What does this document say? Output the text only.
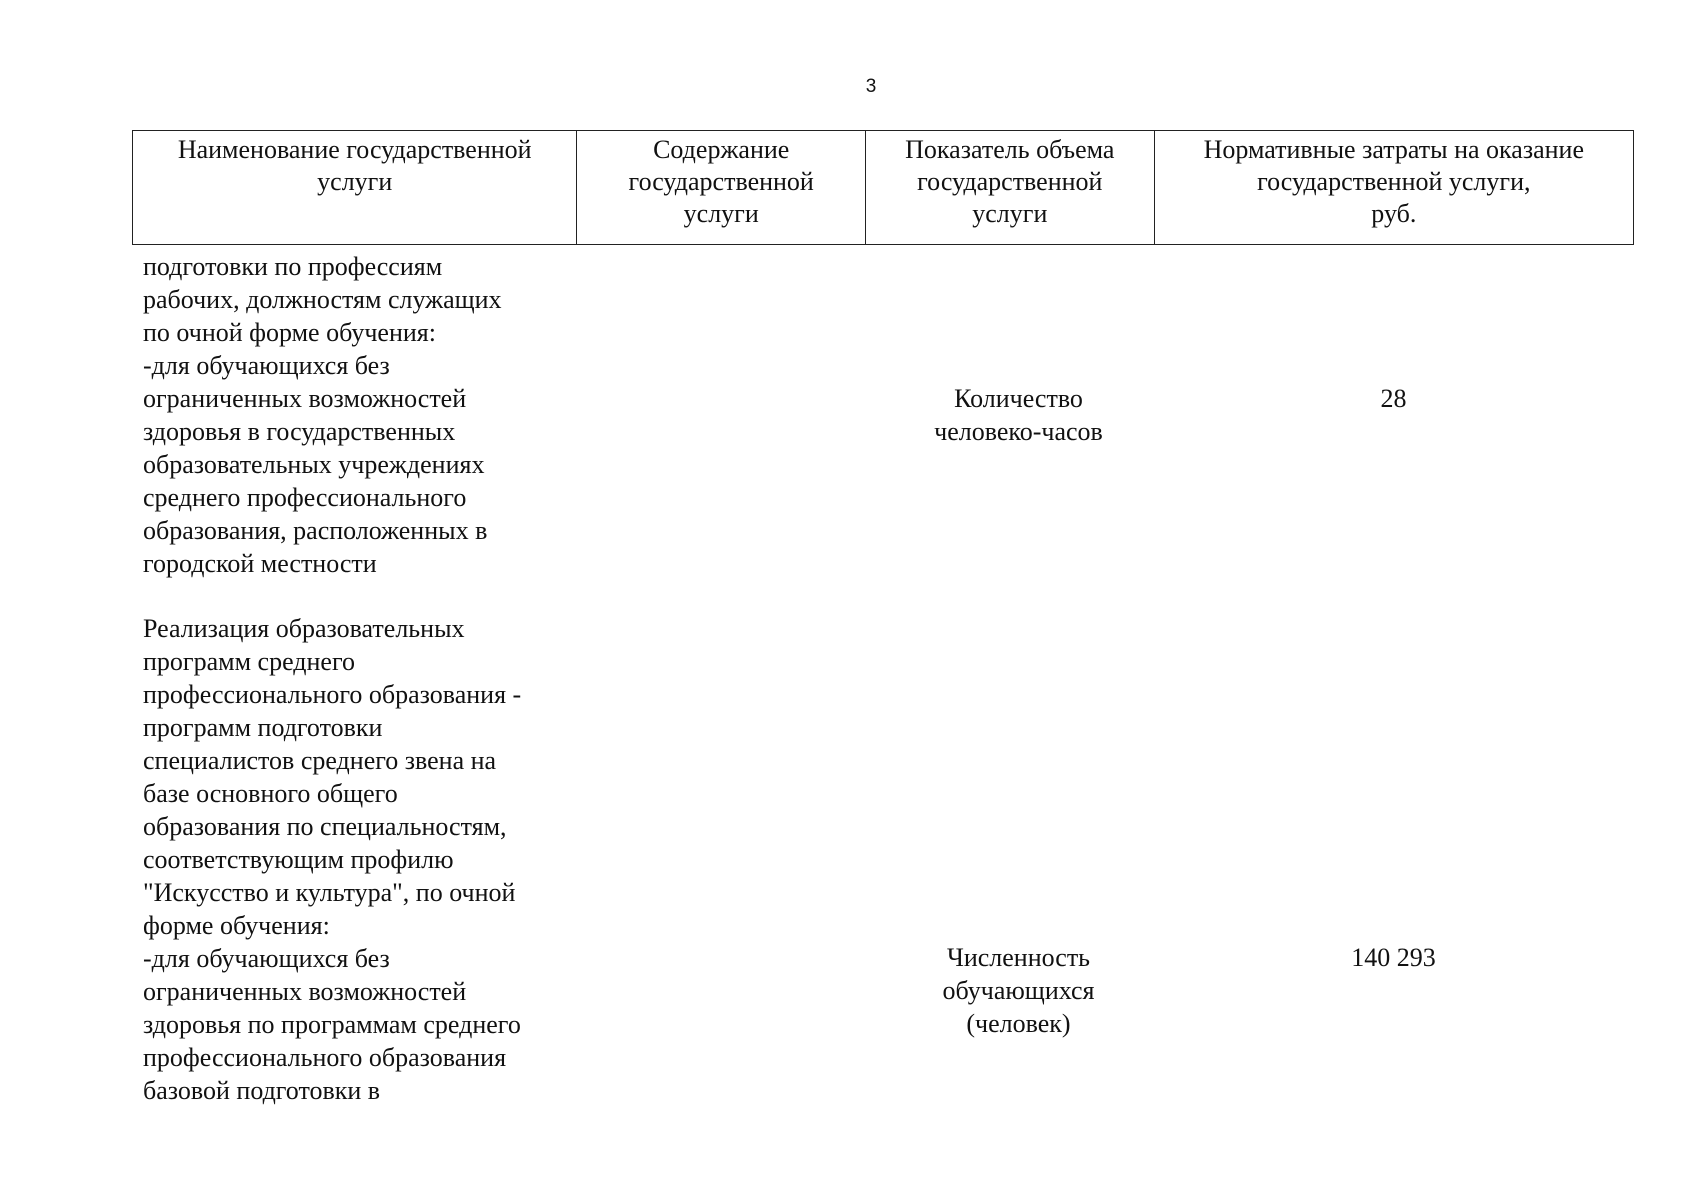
3
Наименование государственной
услуги
Содержание
государственной
услуги
Показатель объема
государственной
услуги
Нормативные затраты на оказание
государственной услуги,
руб.
подготовки по профессиям
рабочих, должностям служащих
по очной форме обучения:
-для обучающихся без
ограниченных возможностей
здоровья в государственных
образовательных учреждениях
среднего профессионального
образования, расположенных в
городской местности
Количество
человеко-часов
28
Реализация образовательных
программ среднего
профессионального образования -
программ подготовки
специалистов среднего звена на
базе основного общего
образования по специальностям,
соответствующим профилю
"Искусство и культура", по очной
форме обучения:
-для обучающихся без
ограниченных возможностей
здоровья по программам среднего
профессионального образования
базовой подготовки в
Численность
обучающихся
(человек)
140 293
